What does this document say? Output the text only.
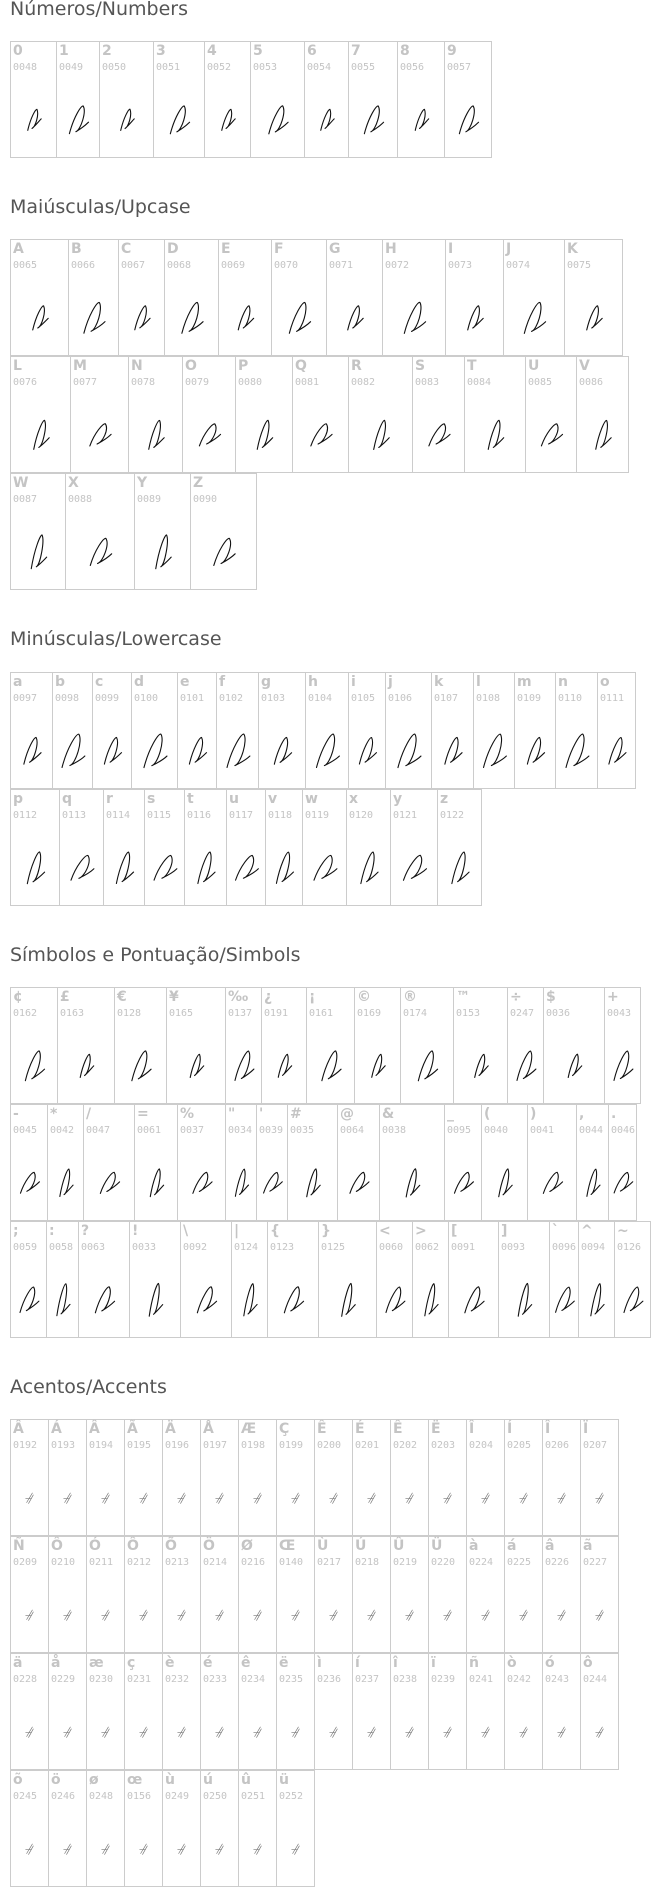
Números/Numbers
Maiúsculas/Upcase
Minúsculas/Lowercase
Símbolos e Pontuação/Simbols
Acentos/Accents
0
0048
1
0049
2
0050
3
0051
4
0052
5
0053
6
0054
7
0055
8
0056
9
0057
A
0065
B
0066
C
0067
D
0068
E
0069
F
0070
G
0071
H
0072
I
0073
J
0074
K
0075
L
0076
M
0077
N
0078
O
0079
P
0080
Q
0081
R
0082
S
0083
T
0084
U
0085
V
0086
W
0087
X
0088
Y
0089
Z
0090
a
0097
b
0098
c
0099
d
0100
e
0101
f
0102
g
0103
h
0104
i
0105
j
0106
k
0107
l
0108
m
0109
n
0110
o
0111
p
0112
q
0113
r
0114
s
0115
t
0116
u
0117
v
0118
w
0119
x
0120
y
0121
z
0122
¢
0162
£
0163
€
0128
¥
0165
‰
0137
¿
0191
¡
0161
©
0169
®
0174
™
0153
÷
0247
$
0036
+
0043
-
0045
*
0042
/
0047
=
0061
%
0037
"
0034
'
0039
#
0035
@
0064
&
0038
_
0095
(
0040
)
0041
,
0044
.
0046
;
0059
:
0058
?
0063
!
0033
\
0092
|
0124
{
0123
}
0125
<
0060
>
0062
[
0091
]
0093
`
0096
^
0094
~
0126
Â
0192
Á
0193
Â
0194
Ã
0195
Ä
0196
Å
0197
Æ
0198
Ç
0199
Ê
0200
É
0201
Ê
0202
Ë
0203
Î
0204
Í
0205
Î
0206
Ï
0207
Ñ
0209
Ô
0210
Ó
0211
Ô
0212
Õ
0213
Ö
0214
Ø
0216
Œ
0140
Ù
0217
Ú
0218
Û
0219
Ü
0220
à
0224
á
0225
â
0226
ã
0227
ä
0228
å
0229
æ
0230
ç
0231
è
0232
é
0233
ê
0234
ë
0235
ì
0236
í
0237
î
0238
ï
0239
ñ
0241
ò
0242
ó
0243
ô
0244
õ
0245
ö
0246
ø
0248
œ
0156
ù
0249
ú
0250
û
0251
ü
0252
